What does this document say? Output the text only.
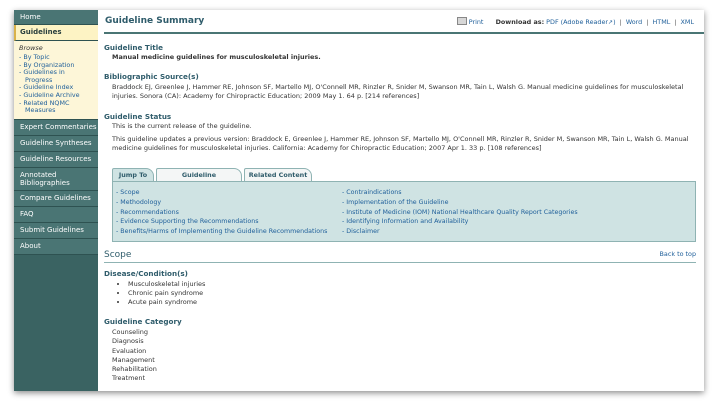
Home
Guidelines
Browse
- By Topic
- By Organization
- Guidelines in
Progress
- Guideline Index
- Guideline Archive
- Related NQMC
Measures
Expert Commentaries
Guideline Syntheses
Guideline Resources
Annotated
Bibliographies
Compare Guidelines
FAQ
Submit Guidelines
About
Guideline Summary	Print Download as: PDF (Adobe Reader↗) | Word | HTML | XML
Guideline Title
Manual medicine guidelines for musculoskeletal injuries.
Bibliographic Source(s)
Braddock EJ, Greenlee J, Hammer RE, Johnson SF, Martello MJ, O'Connell MR, Rinzler R, Snider M, Swanson MR, Tain L, Walsh G. Manual medicine guidelines for musculoskeletal injuries. Sonora (CA): Academy for Chiropractic Education; 2009 May 1. 64 p. [214 references]
Guideline Status
This is the current release of the guideline.
This guideline updates a previous version: Braddock E, Greenlee J, Hammer RE, Johnson SF, Martello MJ, O'Connell MR, Rinzler R, Snider M, Swanson MR, Tain L, Walsh G. Manual medicine guidelines for musculoskeletal injuries. California: Academy for Chiropractic Education; 2007 Apr 1. 33 p. [108 references]
Jump To	Guideline	Related Content
- Scope
- Methodology
- Recommendations
- Evidence Supporting the Recommendations
- Benefits/Harms of Implementing the Guideline Recommendations
- Contraindications
- Implementation of the Guideline
- Institute of Medicine (IOM) National Healthcare Quality Report Categories
- Identifying Information and Availability
- Disclaimer
Scope	Back to top
Disease/Condition(s)
• Musculoskeletal injuries
• Chronic pain syndrome
• Acute pain syndrome
Guideline Category
Counseling
Diagnosis
Evaluation
Management
Rehabilitation
Treatment
